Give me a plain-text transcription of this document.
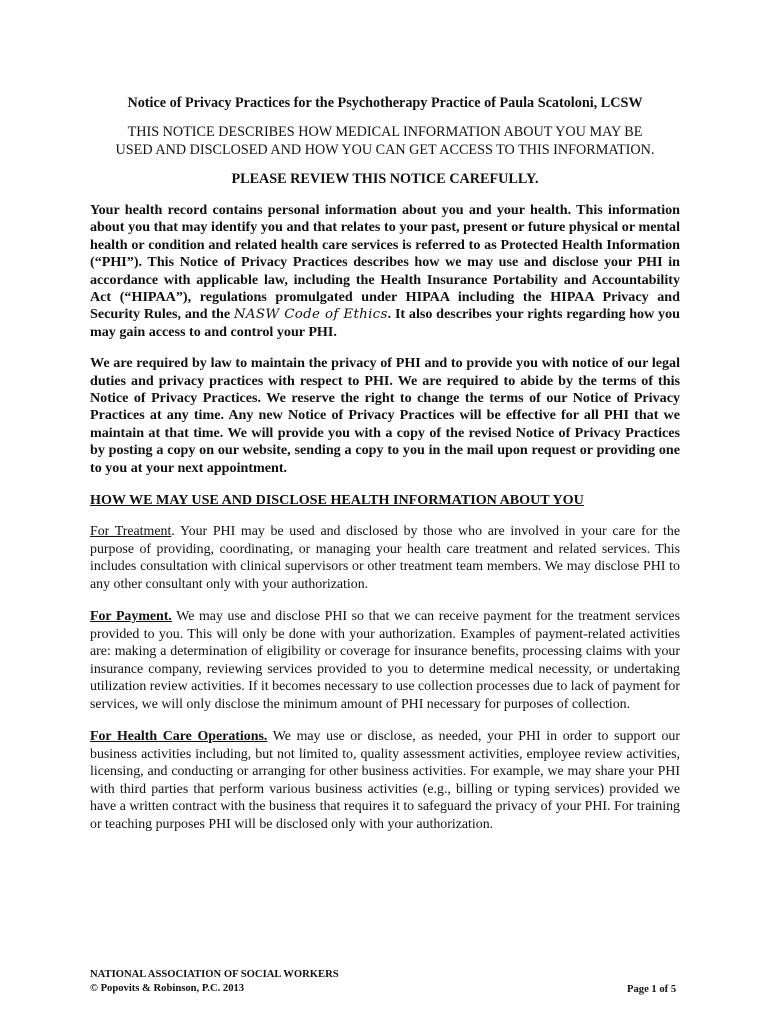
Notice of Privacy Practices for the Psychotherapy Practice of Paula Scatoloni, LCSW
THIS NOTICE DESCRIBES HOW MEDICAL INFORMATION ABOUT YOU MAY BE
USED AND DISCLOSED AND HOW YOU CAN GET ACCESS TO THIS INFORMATION.
PLEASE REVIEW THIS NOTICE CAREFULLY.

Your health record contains personal information about you and your health. This information about you that may identify you and that relates to your past, present or future physical or mental health or condition and related health care services is referred to as Protected Health Information (“PHI”). This Notice of Privacy Practices describes how we may use and disclose your PHI in accordance with applicable law, including the Health Insurance Portability and Accountability Act (“HIPAA”), regulations promulgated under HIPAA including the HIPAA Privacy and Security Rules, and the NASW Code of Ethics. It also describes your rights regarding how you may gain access to and control your PHI.

We are required by law to maintain the privacy of PHI and to provide you with notice of our legal duties and privacy practices with respect to PHI. We are required to abide by the terms of this Notice of Privacy Practices. We reserve the right to change the terms of our Notice of Privacy Practices at any time. Any new Notice of Privacy Practices will be effective for all PHI that we maintain at that time. We will provide you with a copy of the revised Notice of Privacy Practices by posting a copy on our website, sending a copy to you in the mail upon request or providing one to you at your next appointment.

HOW WE MAY USE AND DISCLOSE HEALTH INFORMATION ABOUT YOU

For Treatment. Your PHI may be used and disclosed by those who are involved in your care for the purpose of providing, coordinating, or managing your health care treatment and related services. This includes consultation with clinical supervisors or other treatment team members. We may disclose PHI to any other consultant only with your authorization.

For Payment. We may use and disclose PHI so that we can receive payment for the treatment services provided to you. This will only be done with your authorization. Examples of payment-related activities are: making a determination of eligibility or coverage for insurance benefits, processing claims with your insurance company, reviewing services provided to you to determine medical necessity, or undertaking utilization review activities. If it becomes necessary to use collection processes due to lack of payment for services, we will only disclose the minimum amount of PHI necessary for purposes of collection.

For Health Care Operations. We may use or disclose, as needed, your PHI in order to support our business activities including, but not limited to, quality assessment activities, employee review activities, licensing, and conducting or arranging for other business activities. For example, we may share your PHI with third parties that perform various business activities (e.g., billing or typing services) provided we have a written contract with the business that requires it to safeguard the privacy of your PHI. For training or teaching purposes PHI will be disclosed only with your authorization.

NATIONAL ASSOCIATION OF SOCIAL WORKERS
© Popovits & Robinson, P.C. 2013	Page 1 of 5
